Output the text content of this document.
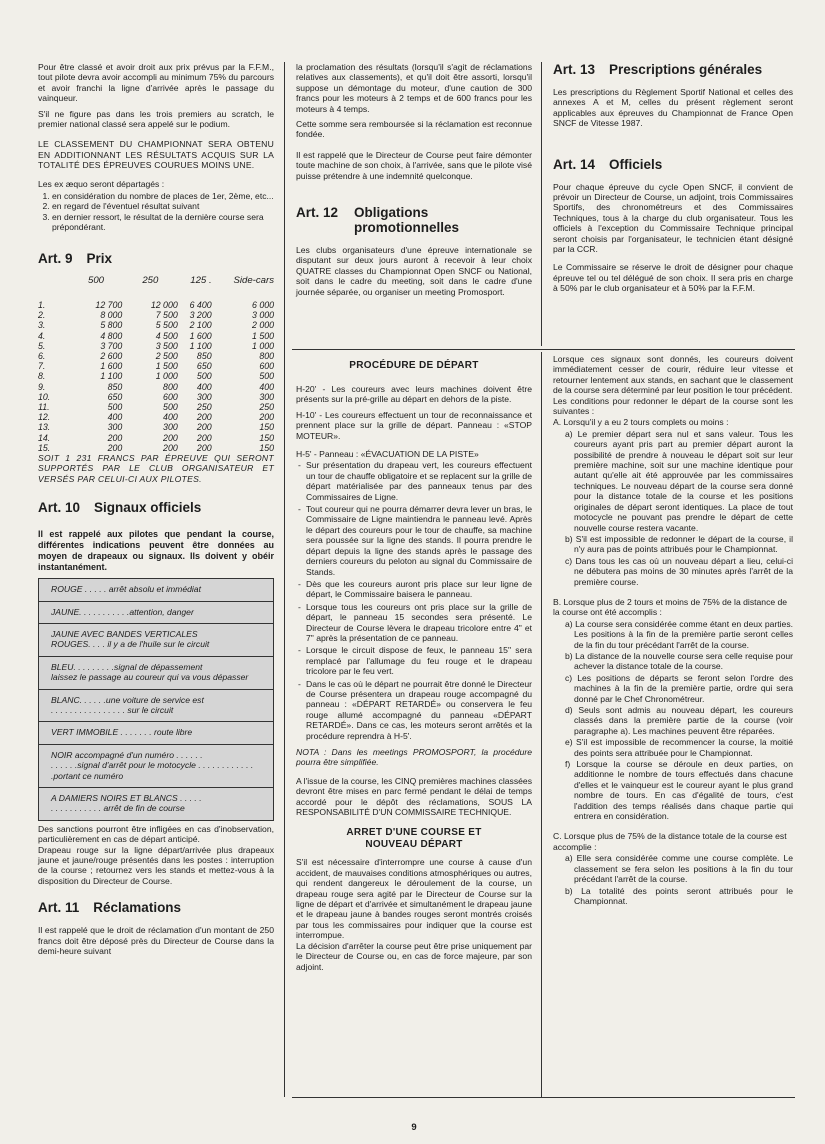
Pour être classé et avoir droit aux prix prévus par la F.F.M., tout pilote devra avoir accompli au minimum 75% du parcours et avoir franchi la ligne d'arrivée après le passage du vainqueur.

S'il ne figure pas dans les trois premiers au scratch, le premier national classé sera appelé sur le podium.

LE CLASSEMENT DU CHAMPIONNAT SERA OBTENU EN ADDITIONNANT LES RÉSULTATS ACQUIS SUR LA TOTALITÉ DES ÉPREUVES COURUES MOINS UNE.

Les ex æquo seront départagés :

1. en considération du nombre de places de 1er, 2ème, etc...
2. en regard de l'éventuel résultat suivant
3. en dernier ressort, le résultat de la dernière course sera prépondérant.
Art. 9 Prix
	500	250	125 .	Side-cars
1.	12 700	12 000	6 400	6 000
2.	8 000	7 500	3 200	3 000
3.	5 800	5 500	2 100	2 000
4.	4 800	4 500	1 600	1 500
5.	3 700	3 500	1 100	1 000
6.	2 600	2 500	850	800
7.	1 600	1 500	650	600
8.	1 100	1 000	500	500
9.	850	800	400	400
10.	650	600	300	300
11.	500	500	250	250
12.	400	400	200	200
13.	300	300	200	150
14.	200	200	200	150
15.	200	200	200	150

SOIT 1 231 FRANCS PAR ÉPREUVE QUI SERONT SUPPORTÉS PAR LE CLUB ORGANISATEUR ET VERSÉS PAR CELUI-CI AUX PILOTES.

Art. 10 Signaux officiels

Il est rappelé aux pilotes que pendant la course, différentes indications peuvent être données au moyen de drapeaux ou signaux. Ils doivent y obéir instantanément.

ROUGE . . . . . arrêt absolu et immédiat
JAUNE. . . . . . . . . . .attention, danger
JAUNE AVEC BANDES VERTICALES
ROUGES. . . . il y a de l'huile sur le circuit
BLEU. . . . . . . . .signal de dépassement
laissez le passage au coureur qui va vous dépasser
BLANC. . . . . .une voiture de service est
. . . . . . . . . . . . . . . . sur le circuit
VERT IMMOBILE . . . . . . . route libre
NOIR accompagné d'un numéro . . . . . .
. . . . . .signal d'arrêt pour le motocycle . . . . . . . . . . . . .portant ce numéro
A DAMIERS NOIRS ET BLANCS . . . . .
. . . . . . . . . . . arrêt de fin de course

Des sanctions pourront être infligées en cas d'inobservation, particulièrement en cas de départ anticipé.

Drapeau rouge sur la ligne départ/arrivée plus drapeaux jaune et jaune/rouge présentés dans les postes : interruption de la course ; retournez vers les stands et mettez-vous à la disposition du Directeur de Course.

Art. 11 Réclamations

Il est rappelé que le droit de réclamation d'un montant de 250 francs doit être déposé près du Directeur de Course dans la demi-heure suivant

la proclamation des résultats (lorsqu'il s'agit de réclamations relatives aux classements), et qu'il doit être assorti, lorsqu'il suppose un démontage du moteur, d'une caution de 300 francs pour les moteurs à 2 temps et de 600 francs pour les moteurs à 4 temps.

Cette somme sera remboursée si la réclamation est reconnue fondée.

Il est rappelé que le Directeur de Course peut faire démonter toute machine de son choix, à l'arrivée, sans que le pilote visé puisse prétendre à une indemnité quelconque.

Art. 12	Obligations promotionnelles

Les clubs organisateurs d'une épreuve internationale se disputant sur deux jours auront à recevoir à leur choix QUATRE classes du Championnat Open SNCF ou National, soit dans le cadre du meeting, soit dans le cadre d'une journée séparée, ou organiser un meeting Promosport.

Art. 13 Prescriptions générales

Les prescriptions du Règlement Sportif National et celles des annexes A et M, celles du présent règlement seront applicables aux épreuves du Championnat de France Open SNCF de Vitesse 1987.

Art. 14 Officiels

Pour chaque épreuve du cycle Open SNCF, il convient de prévoir un Directeur de Course, un adjoint, trois Commissaires Sportifs, des chronométreurs et des Commissaires Techniques, tous à la charge du club organisateur. Tous les officiels à l'exception du Commissaire Technique principal seront choisis par l'organisateur, le technicien étant désigné par la CCR.

Le Commissaire se réserve le droit de désigner pour chaque épreuve tel ou tel délégué de son choix. Il sera pris en charge à 50% par le club organisateur et à 50% par la F.F.M.

PROCÉDURE DE DÉPART

H-20' - Les coureurs avec leurs machines doivent être présents sur la pré-grille au départ en dehors de la piste.

H-10' - Les coureurs effectuent un tour de reconnaissance et prennent place sur la grille de départ. Panneau : «STOP MOTEUR».

H-5' - Panneau : «ÉVACUATION DE LA PISTE»

- Sur présentation du drapeau vert, les coureurs effectuent un tour de chauffe obligatoire et se replacent sur la grille de départ matérialisée par des panneaux tenus par des Commissaires de Ligne.
- Tout coureur qui ne pourra démarrer devra lever un bras, le Commissaire de Ligne maintiendra le panneau levé. Après le départ des coureurs pour le tour de chauffe, sa machine sera poussée sur la ligne des stands. Il pourra prendre le départ depuis la ligne des stands après le passage des derniers coureurs du peloton au signal du Commissaire de Stands.
- Dès que les coureurs auront pris place sur leur ligne de départ, le Commissaire baisera le panneau.
- Lorsque tous les coureurs ont pris place sur la grille de départ, le panneau 15 secondes sera présenté. Le Directeur de Course lèvera le drapeau tricolore entre 4" et 7" après la présentation de ce panneau.
- Lorsque le circuit dispose de feux, le panneau 15" sera remplacé par l'allumage du feu rouge et le drapeau tricolore par le feu vert.
- Dans le cas où le départ ne pourrait être donné le Directeur de Course présentera un drapeau rouge accompagné du panneau : «DÉPART RETARDÉ» ou conservera le feu rouge allumé accompagné du panneau «DÉPART RETARDÉ». Dans ce cas, les moteurs seront arrêtés et la procédure reprendra à H-5'.

NOTA : Dans les meetings PROMOSPORT, la procédure pourra être simplifiée.

A l'issue de la course, les CINQ premières machines classées devront être mises en parc fermé pendant le délai de temps accordé pour le dépôt des réclamations, SOUS LA RESPONSABILITÉ D'UN COMMISSAIRE TECHNIQUE.

ARRET D'UNE COURSE ET NOUVEAU DÉPART

S'il est nécessaire d'interrompre une course à cause d'un accident, de mauvaises conditions atmosphériques ou autres, qui rendent dangereux le déroulement de la course, un drapeau rouge sera agité par le Directeur de Course sur la ligne de départ et d'arrivée et simultanément le drapeau jaune et le drapeau jaune à bandes rouges seront montrés croisés par tous les commissaires pour indiquer que la course est interrompue.

La décision d'arrêter la course peut être prise uniquement par le Directeur de Course ou, en cas de force majeure, par son adjoint.

Lorsque ces signaux sont donnés, les coureurs doivent immédiatement cesser de courir, réduire leur vitesse et retourner lentement aux stands, en sachant que le classement de la course sera déterminé par leur position le tour précédent.

Les conditions pour redonner le départ de la course sont les suivantes :

A. Lorsqu'il y a eu 2 tours complets ou moins :

a) Le premier départ sera nul et sans valeur. Tous les coureurs ayant pris part au premier départ auront la possibilité de prendre à nouveau le départ soit sur leur première machine, soit sur une machine identique pour autant qu'elle ait été approuvée par les commissaires techniques. Le nouveau départ de la course sera donné pour la distance totale de la course et les positions originales de départ seront identiques. La place de tout motocycle ne pouvant pas prendre le départ de cette nouvelle course restera vacante.

b) S'il est impossible de redonner le départ de la course, il n'y aura pas de points attribués pour le Championnat.

c) Dans tous les cas où un nouveau départ a lieu, celui-ci ne débutera pas moins de 30 minutes après l'arrêt de la première course.

B. Lorsque plus de 2 tours et moins de 75% de la distance de la course ont été accomplis :

a) La course sera considérée comme étant en deux parties. Les positions à la fin de la première partie seront celles de la fin du tour précédant l'arrêt de la course.

b) La distance de la nouvelle course sera celle requise pour achever la distance totale de la course.

c) Les positions de départs se feront selon l'ordre des machines à la fin de la première partie, ordre qui sera donné par le Chef Chronométreur.

d) Seuls sont admis au nouveau départ, les coureurs classés dans la première partie de la course (voir paragraphe a). Les machines peuvent être réparées.

e) S'il est impossible de recommencer la course, la moitié des points sera attribuée pour le Championnat.

f) Lorsque la course se déroule en deux parties, on additionne le nombre de tours effectués dans chacune d'elles et le vainqueur est le coureur ayant le plus grand nombre de tours. En cas d'égalité de tours, c'est l'addition des temps réalisés dans chaque partie qui entrera en considération.

C. Lorsque plus de 75% de la distance totale de la course est accomplie :

a) Elle sera considérée comme une course complète. Le classement se fera selon les positions à la fin du tour précédant l'arrêt de la course.

b) La totalité des points seront attribués pour le Championnat.

9
